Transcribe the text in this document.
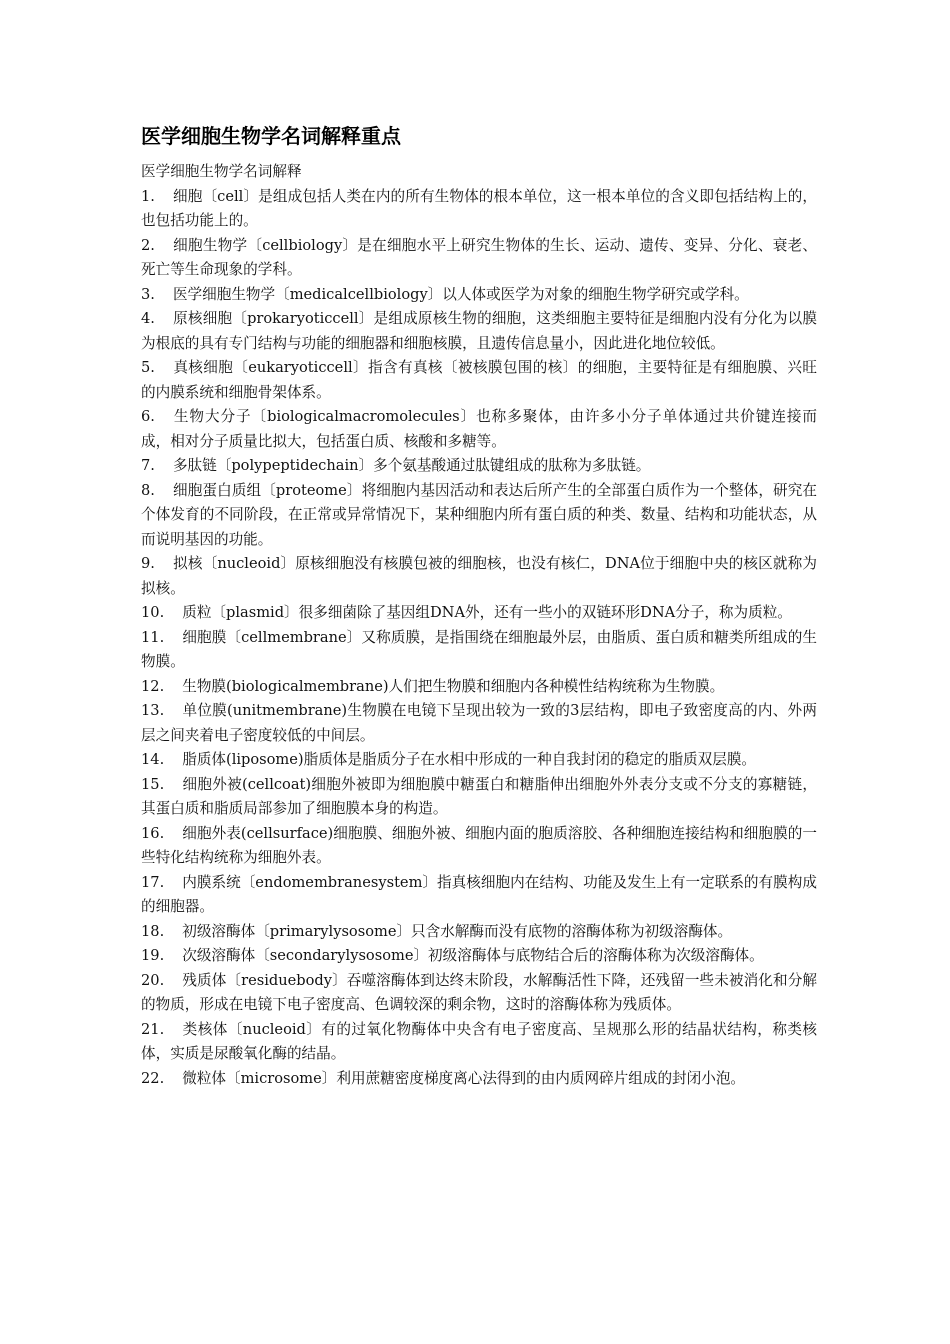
医学细胞生物学名词解释重点

医学细胞生物学名词解释

1. 细胞〔cell〕是组成包括人类在内的所有生物体的根本单位，这一根本单位的含义即包括结构上的，也包括功能上的。

2. 细胞生物学〔cellbiology〕是在细胞水平上研究生物体的生长、运动、遗传、变异、分化、衰老、死亡等生命现象的学科。

3. 医学细胞生物学〔medicalcellbiology〕以人体或医学为对象的细胞生物学研究或学科。

4. 原核细胞〔prokaryoticcell〕是组成原核生物的细胞，这类细胞主要特征是细胞内没有分化为以膜为根底的具有专门结构与功能的细胞器和细胞核膜，且遗传信息量小，因此进化地位较低。

5. 真核细胞〔eukaryoticcell〕指含有真核〔被核膜包围的核〕的细胞，主要特征是有细胞膜、兴旺的内膜系统和细胞骨架体系。

6. 生物大分子〔biologicalmacromolecules〕也称多聚体，由许多小分子单体通过共价键连接而成，相对分子质量比拟大，包括蛋白质、核酸和多糖等。

7. 多肽链〔polypeptidechain〕多个氨基酸通过肽键组成的肽称为多肽链。

8. 细胞蛋白质组〔proteome〕将细胞内基因活动和表达后所产生的全部蛋白质作为一个整体，研究在个体发育的不同阶段，在正常或异常情况下，某种细胞内所有蛋白质的种类、数量、结构和功能状态，从而说明基因的功能。

9. 拟核〔nucleoid〕原核细胞没有核膜包被的细胞核，也没有核仁，DNA位于细胞中央的核区就称为拟核。

10. 质粒〔plasmid〕很多细菌除了基因组DNA外，还有一些小的双链环形DNA分子，称为质粒。

11. 细胞膜〔cellmembrane〕又称质膜，是指围绕在细胞最外层，由脂质、蛋白质和糖类所组成的生物膜。

12. 生物膜(biologicalmembrane)人们把生物膜和细胞内各种模性结构统称为生物膜。

13. 单位膜(unitmembrane)生物膜在电镜下呈现出较为一致的3层结构，即电子致密度高的内、外两层之间夹着电子密度较低的中间层。

14. 脂质体(liposome)脂质体是脂质分子在水相中形成的一种自我封闭的稳定的脂质双层膜。

15. 细胞外被(cellcoat)细胞外被即为细胞膜中糖蛋白和糖脂伸出细胞外外表分支或不分支的寡糖链，其蛋白质和脂质局部参加了细胞膜本身的构造。

16. 细胞外表(cellsurface)细胞膜、细胞外被、细胞内面的胞质溶胶、各种细胞连接结构和细胞膜的一些特化结构统称为细胞外表。

17. 内膜系统〔endomembranesystem〕指真核细胞内在结构、功能及发生上有一定联系的有膜构成的细胞器。

18. 初级溶酶体〔primarylysosome〕只含水解酶而没有底物的溶酶体称为初级溶酶体。

19. 次级溶酶体〔secondarylysosome〕初级溶酶体与底物结合后的溶酶体称为次级溶酶体。

20. 残质体〔residuebody〕吞噬溶酶体到达终末阶段，水解酶活性下降，还残留一些未被消化和分解的物质，形成在电镜下电子密度高、色调较深的剩余物，这时的溶酶体称为残质体。

21. 类核体〔nucleoid〕有的过氧化物酶体中央含有电子密度高、呈规那么形的结晶状结构，称类核体，实质是尿酸氧化酶的结晶。

22. 微粒体〔microsome〕利用蔗糖密度梯度离心法得到的由内质网碎片组成的封闭小泡。
